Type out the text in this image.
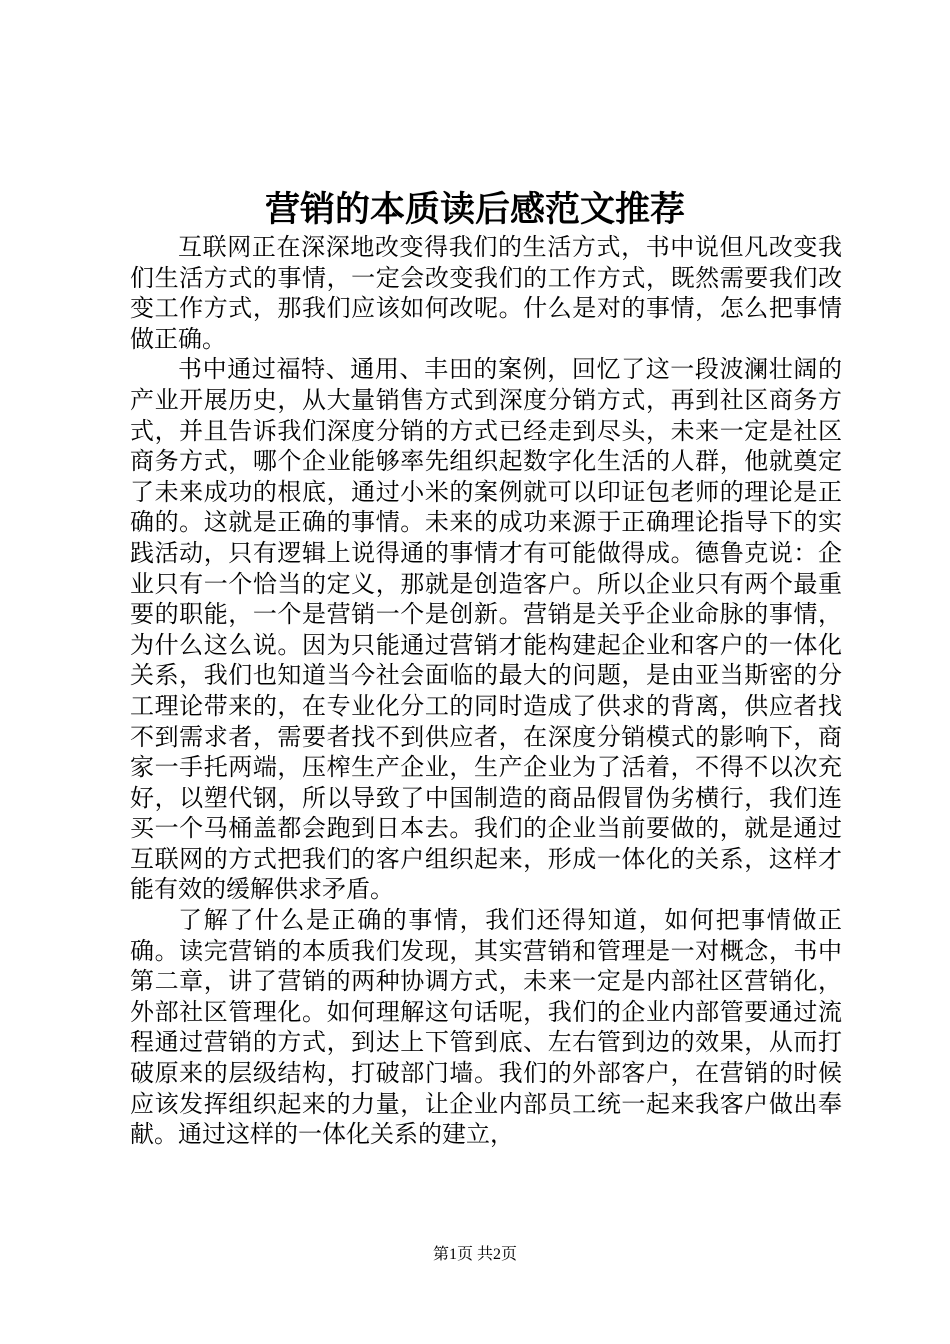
营销的本质读后感范文推荐

互联网正在深深地改变得我们的生活方式，书中说但凡改变我们生活方式的事情，一定会改变我们的工作方式，既然需要我们改变工作方式，那我们应该如何改呢。什么是对的事情，怎么把事情做正确。

书中通过福特、通用、丰田的案例，回忆了这一段波澜壮阔的产业开展历史，从大量销售方式到深度分销方式，再到社区商务方式，并且告诉我们深度分销的方式已经走到尽头，未来一定是社区商务方式，哪个企业能够率先组织起数字化生活的人群，他就奠定了未来成功的根底，通过小米的案例就可以印证包老师的理论是正确的。这就是正确的事情。未来的成功来源于正确理论指导下的实践活动，只有逻辑上说得通的事情才有可能做得成。德鲁克说：企业只有一个恰当的定义，那就是创造客户。所以企业只有两个最重要的职能，一个是营销一个是创新。营销是关乎企业命脉的事情，为什么这么说。因为只能通过营销才能构建起企业和客户的一体化关系，我们也知道当今社会面临的最大的问题，是由亚当斯密的分工理论带来的，在专业化分工的同时造成了供求的背离，供应者找不到需求者，需要者找不到供应者，在深度分销模式的影响下，商家一手托两端，压榨生产企业，生产企业为了活着，不得不以次充好，以塑代钢，所以导致了中国制造的商品假冒伪劣横行，我们连买一个马桶盖都会跑到日本去。我们的企业当前要做的，就是通过互联网的方式把我们的客户组织起来，形成一体化的关系，这样才能有效的缓解供求矛盾。

了解了什么是正确的事情，我们还得知道，如何把事情做正确。读完营销的本质我们发现，其实营销和管理是一对概念，书中第二章，讲了营销的两种协调方式，未来一定是内部社区营销化，外部社区管理化。如何理解这句话呢，我们的企业内部管要通过流程通过营销的方式，到达上下管到底、左右管到边的效果，从而打破原来的层级结构，打破部门墙。我们的外部客户，在营销的时候应该发挥组织起来的力量，让企业内部员工统一起来我客户做出奉献。通过这样的一体化关系的建立，

第1页 共2页
